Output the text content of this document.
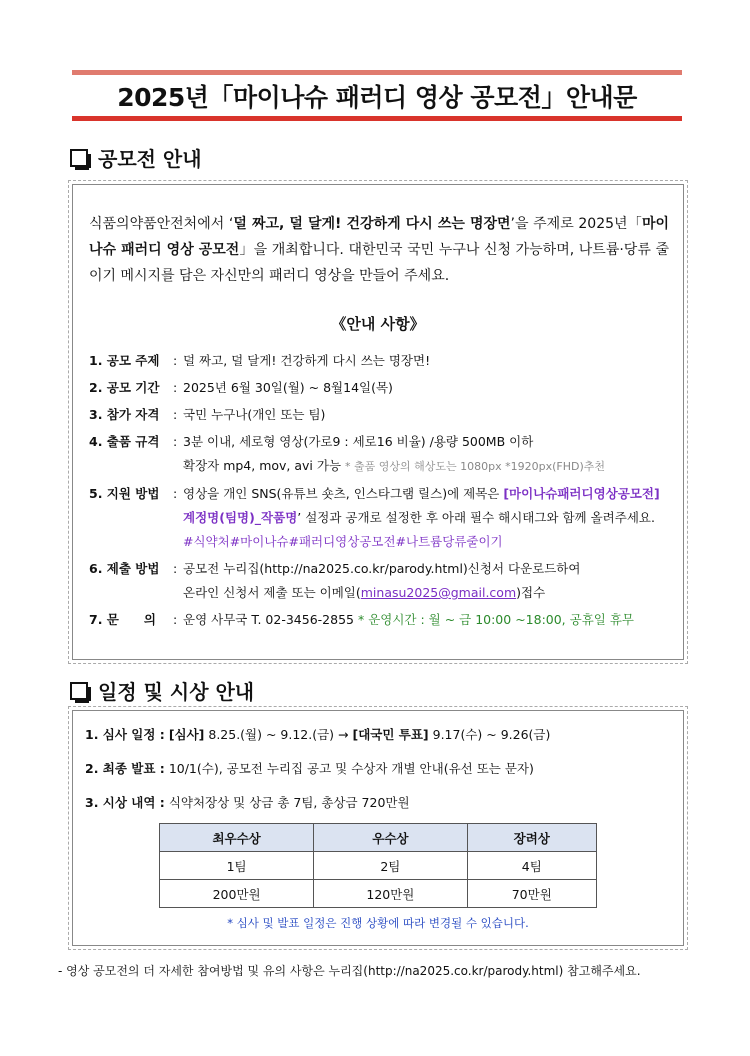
2025년「마이나슈 패러디 영상 공모전」안내문
공모전 안내
식품의약품안전처에서 ‘덜 짜고, 덜 달게! 건강하게 다시 쓰는 명장면’을 주제로 2025년「마이나슈 패러디 영상 공모전」을 개최합니다. 대한민국 국민 누구나 신청 가능하며, 나트륨·당류 줄이기 메시지를 담은 자신만의 패러디 영상을 만들어 주세요.
《안내 사항》
1. 공모 주제	: 덜 짜고, 덜 달게! 건강하게 다시 쓰는 명장면!
2. 공모 기간	: 2025년 6월 30일(월) ~ 8월14일(목)
3. 참가 자격	: 국민 누구나(개인 또는 팀)
4. 출품 규격	: 3분 이내, 세로형 영상(가로9 : 세로16 비율) /용량 500MB 이하
확장자 mp4, mov, avi 가능 * 출품 영상의 해상도는 1080px *1920px(FHD)추천
5. 지원 방법	: 영상을 개인 SNS(유튜브 숏츠, 인스타그램 릴스)에 제목은 [마이나슈패러디영상공모전]
계정명(팀명)_작품명’ 설정과 공개로 설정한 후 아래 필수 해시태그와 함께 올려주세요.
#식약처#마이나슈#패러디영상공모전#나트륨당류줄이기
6. 제출 방법	: 공모전 누리집(http://na2025.co.kr/parody.html)신청서 다운로드하여
온라인 신청서 제출 또는 이메일(minasu2025@gmail.com)접수
7. 문　　의	: 운영 사무국 T. 02-3456-2855 * 운영시간 : 월 ~ 금 10:00 ~18:00, 공휴일 휴무
일정 및 시상 안내
1. 심사 일정 : [심사] 8.25.(월) ~ 9.12.(금) → [대국민 투표] 9.17(수) ~ 9.26(금)
2. 최종 발표 : 10/1(수), 공모전 누리집 공고 및 수상자 개별 안내(유선 또는 문자)
3. 시상 내역 : 식약처장상 및 상금 총 7팀, 총상금 720만원
최우수상	우수상	장려상
1팀	2팀	4팀
200만원	120만원	70만원
* 심사 및 발표 일정은 진행 상황에 따라 변경될 수 있습니다.
- 영상 공모전의 더 자세한 참여방법 및 유의 사항은 누리집(http://na2025.co.kr/parody.html) 참고해주세요.
